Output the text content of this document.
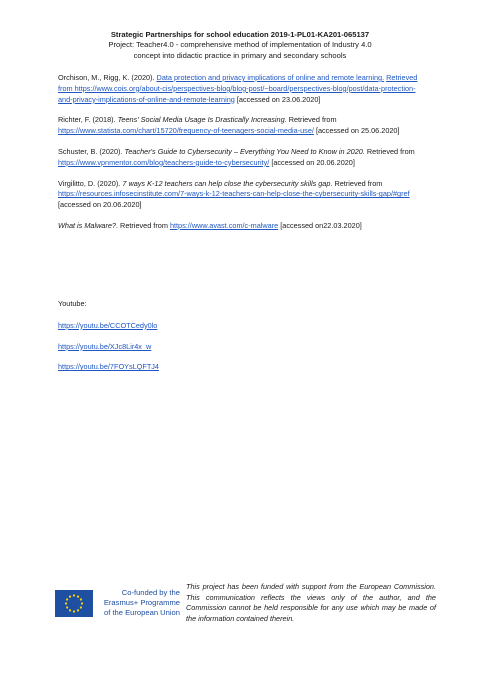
Strategic Partnerships for school education 2019-1-PL01-KA201-065137
Project: Teacher4.0 - comprehensive method of implementation of Industry 4.0
concept into didactic practice in primary and secondary schools

Orchison, M., Rigg, K. (2020). Data protection and privacy implications of online and remote learning. Retrieved from https://www.cois.org/about-cis/perspectives-blog/blog-post/~board/perspectives-blog/post/data-protection-and-privacy-implications-of-online-and-remote-learning [accessed on 23.06.2020]

Richter, F. (2018). Teens' Social Media Usage Is Drastically Increasing. Retrieved from https://www.statista.com/chart/15720/frequency-of-teenagers-social-media-use/ [accessed on 25.06.2020]

Schuster, B. (2020). Teacher's Guide to Cybersecurity – Everything You Need to Know in 2020. Retrieved from https://www.vpnmentor.com/blog/teachers-guide-to-cybersecurity/ [accessed on 20.06.2020]

Virgilitto, D. (2020). 7 ways K-12 teachers can help close the cybersecurity skills gap. Retrieved from https://resources.infosecinstitute.com/7-ways-k-12-teachers-can-help-close-the-cybersecurity-skills-gap/#gref [accessed on 20.06.2020]

What is Malware?. Retrieved from https://www.avast.com/c-malware [accessed on22.03.2020]

Youtube:
https://youtu.be/CCOTCedy0lo
https://youtu.be/XJc8Lir4x_w
https://youtu.be/7FOYsLQFTJ4
Co-funded by the
Erasmus+ Programme
of the European Union
This project has been funded with support from the European Commission. This communication reflects the views only of the author, and the Commission cannot be held responsible for any use which may be made of the information contained therein.
